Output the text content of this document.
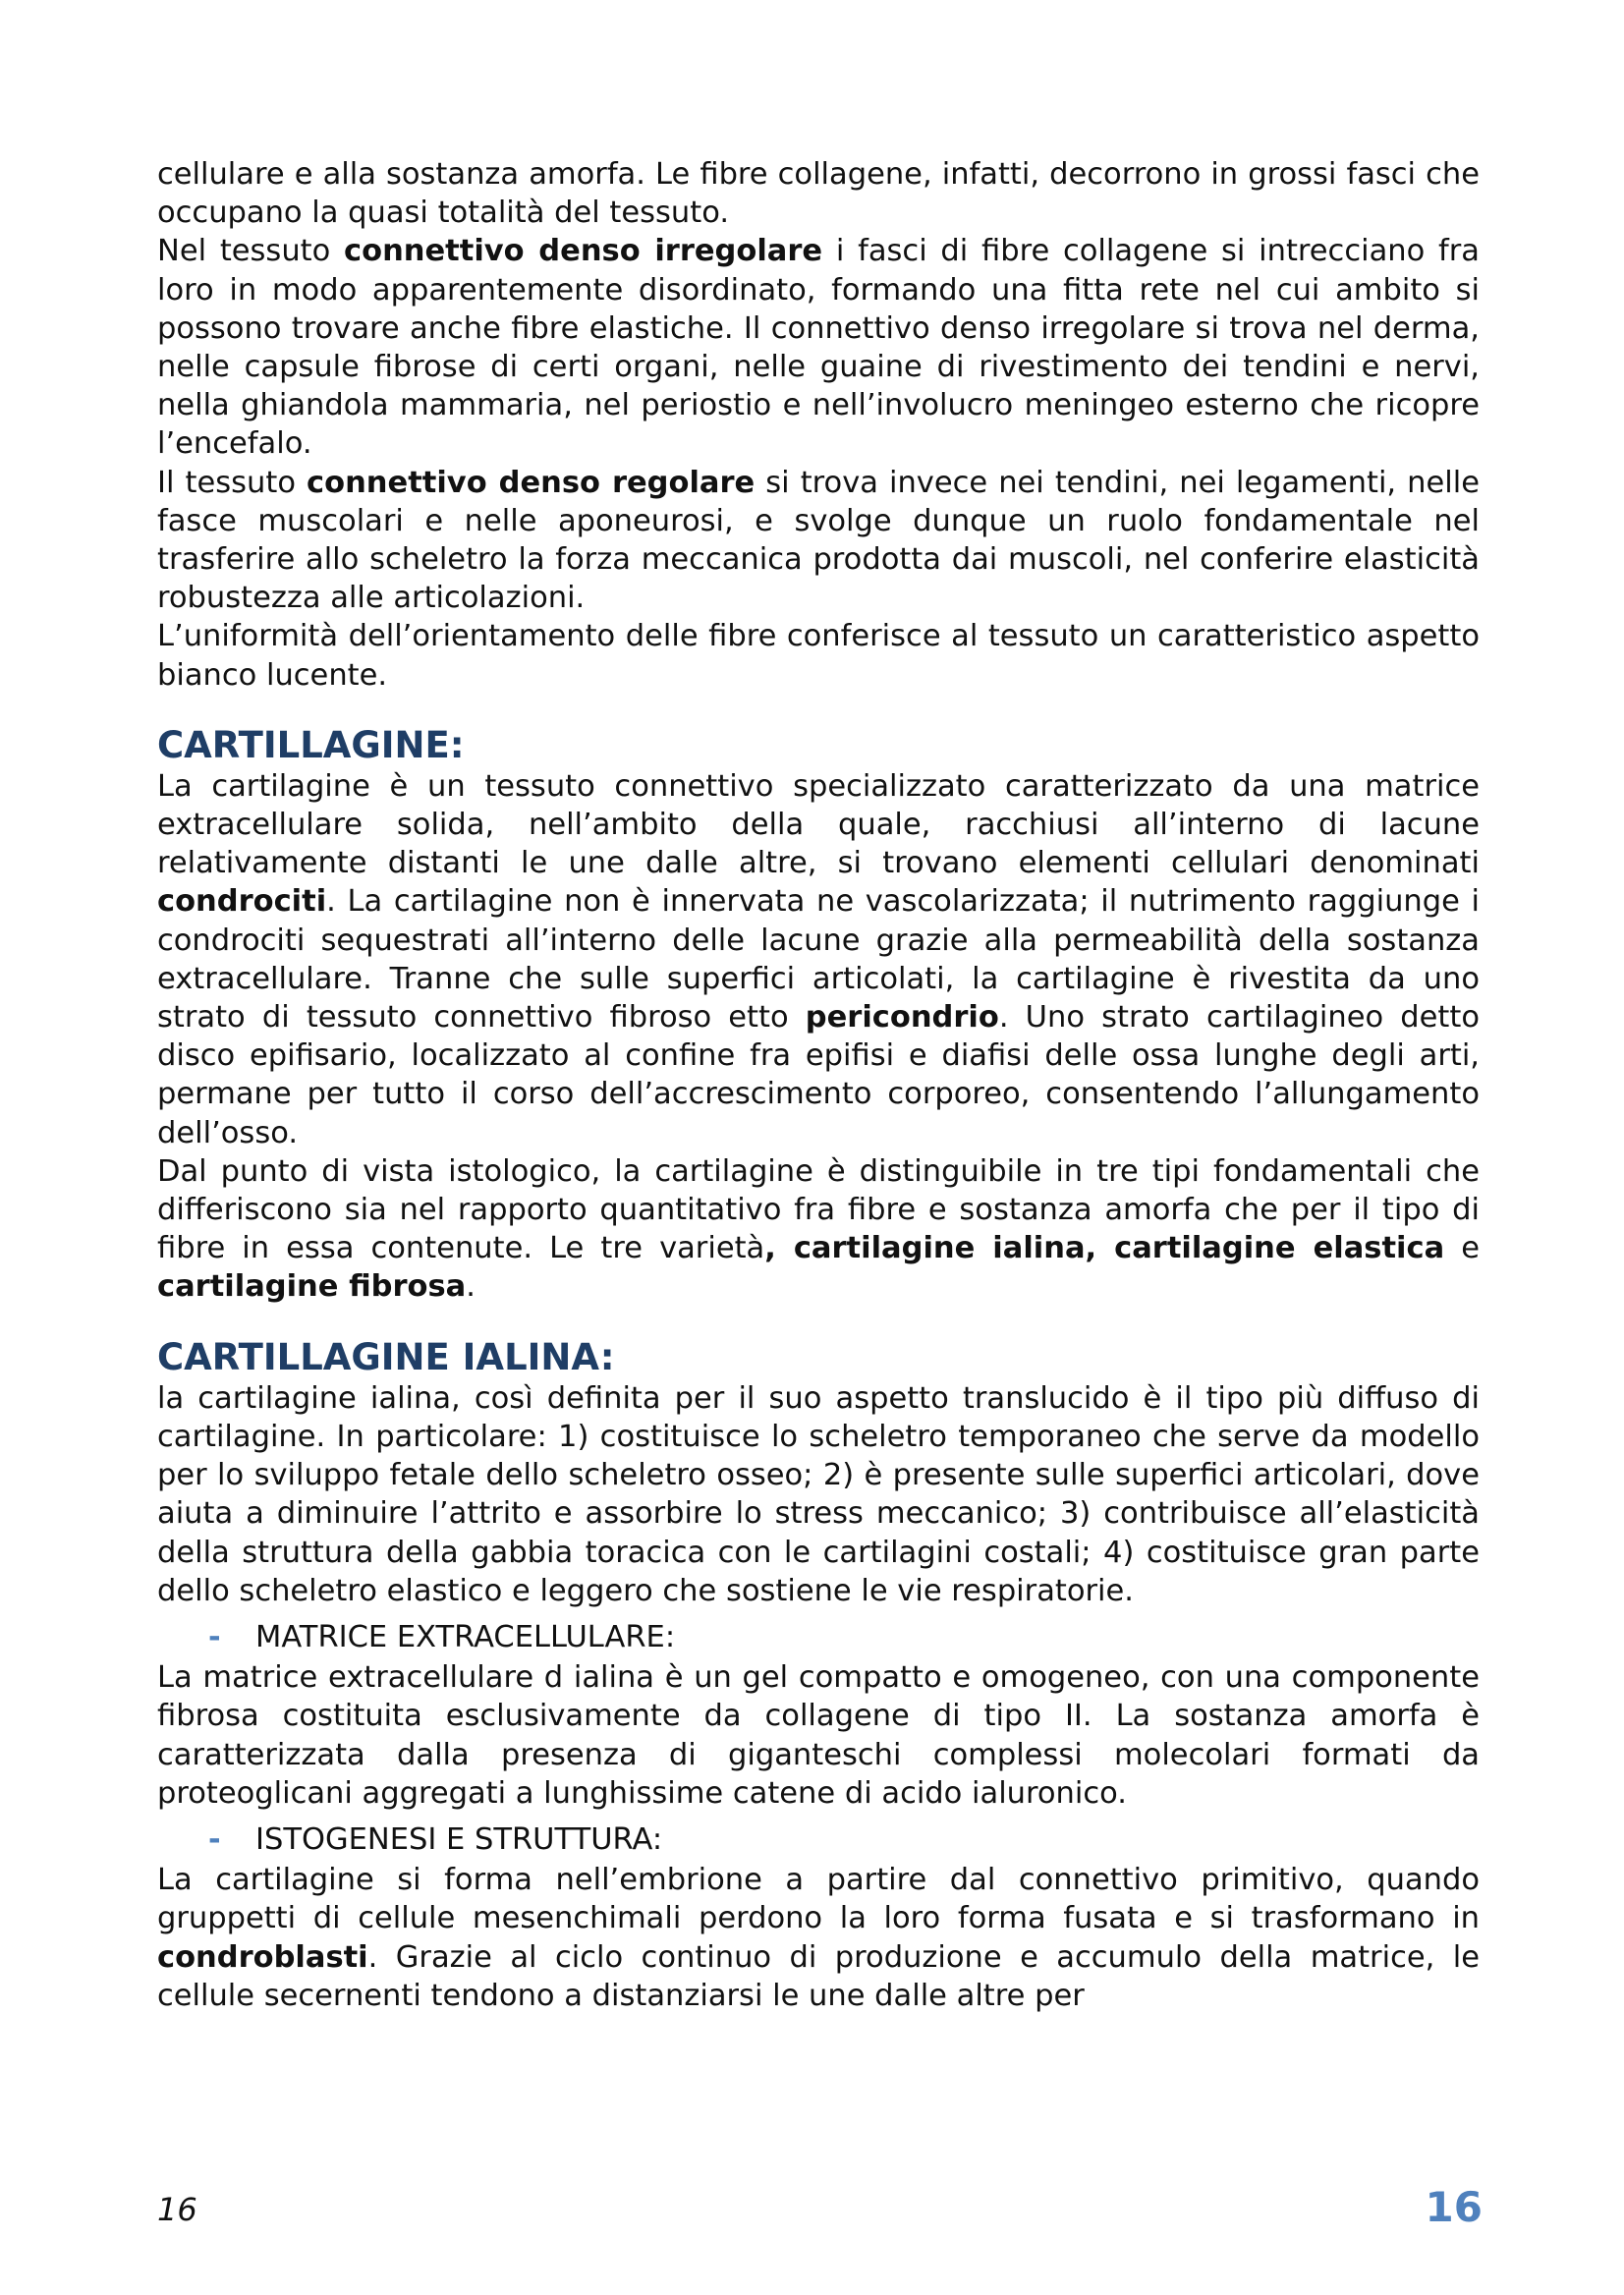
cellulare e alla sostanza amorfa. Le fibre collagene, infatti, decorrono in grossi fasci che occupano la quasi totalità del tessuto.

Nel tessuto connettivo denso irregolare i fasci di fibre collagene si intrecciano fra loro in modo apparentemente disordinato, formando una fitta rete nel cui ambito si possono trovare anche fibre elastiche. Il connettivo denso irregolare si trova nel derma, nelle capsule fibrose di certi organi, nelle guaine di rivestimento dei tendini e nervi, nella ghiandola mammaria, nel periostio e nell’involucro meningeo esterno che ricopre l’encefalo.

Il tessuto connettivo denso regolare si trova invece nei tendini, nei legamenti, nelle fasce muscolari e nelle aponeurosi, e svolge dunque un ruolo fondamentale nel trasferire allo scheletro la forza meccanica prodotta dai muscoli, nel conferire elasticità robustezza alle articolazioni.

L’uniformità dell’orientamento delle fibre conferisce al tessuto un caratteristico aspetto bianco lucente.

CARTILLAGINE:

La cartilagine è un tessuto connettivo specializzato caratterizzato da una matrice extracellulare solida, nell’ambito della quale, racchiusi all’interno di lacune relativamente distanti le une dalle altre, si trovano elementi cellulari denominati condrociti. La cartilagine non è innervata ne vascolarizzata; il nutrimento raggiunge i condrociti sequestrati all’interno delle lacune grazie alla permeabilità della sostanza extracellulare. Tranne che sulle superfici articolati, la cartilagine è rivestita da uno strato di tessuto connettivo fibroso etto pericondrio. Uno strato cartilagineo detto disco epifisario, localizzato al confine fra epifisi e diafisi delle ossa lunghe degli arti, permane per tutto il corso dell’accrescimento corporeo, consentendo l’allungamento dell’osso.

Dal punto di vista istologico, la cartilagine è distinguibile in tre tipi fondamentali che differiscono sia nel rapporto quantitativo fra fibre e sostanza amorfa che per il tipo di fibre in essa contenute. Le tre varietà, cartilagine ialina, cartilagine elastica e cartilagine fibrosa.

CARTILLAGINE IALINA:

la cartilagine ialina, così definita per il suo aspetto translucido è il tipo più diffuso di cartilagine. In particolare: 1) costituisce lo scheletro temporaneo che serve da modello per lo sviluppo fetale dello scheletro osseo; 2) è presente sulle superfici articolari, dove aiuta a diminuire l’attrito e assorbire lo stress meccanico; 3) contribuisce all’elasticità della struttura della gabbia toracica con le cartilagini costali; 4) costituisce gran parte dello scheletro elastico e leggero che sostiene le vie respiratorie.

-	MATRICE EXTRACELLULARE:

La matrice extracellulare d ialina è un gel compatto e omogeneo, con una componente fibrosa costituita esclusivamente da collagene di tipo II. La sostanza amorfa è caratterizzata dalla presenza di giganteschi complessi molecolari formati da proteoglicani aggregati a lunghissime catene di acido ialuronico.

-	ISTOGENESI E STRUTTURA:

La cartilagine si forma nell’embrione a partire dal connettivo primitivo, quando gruppetti di cellule mesenchimali perdono la loro forma fusata e si trasformano in condroblasti. Grazie al ciclo continuo di produzione e accumulo della matrice, le cellule secernenti tendono a distanziarsi le une dalle altre per

16	16
